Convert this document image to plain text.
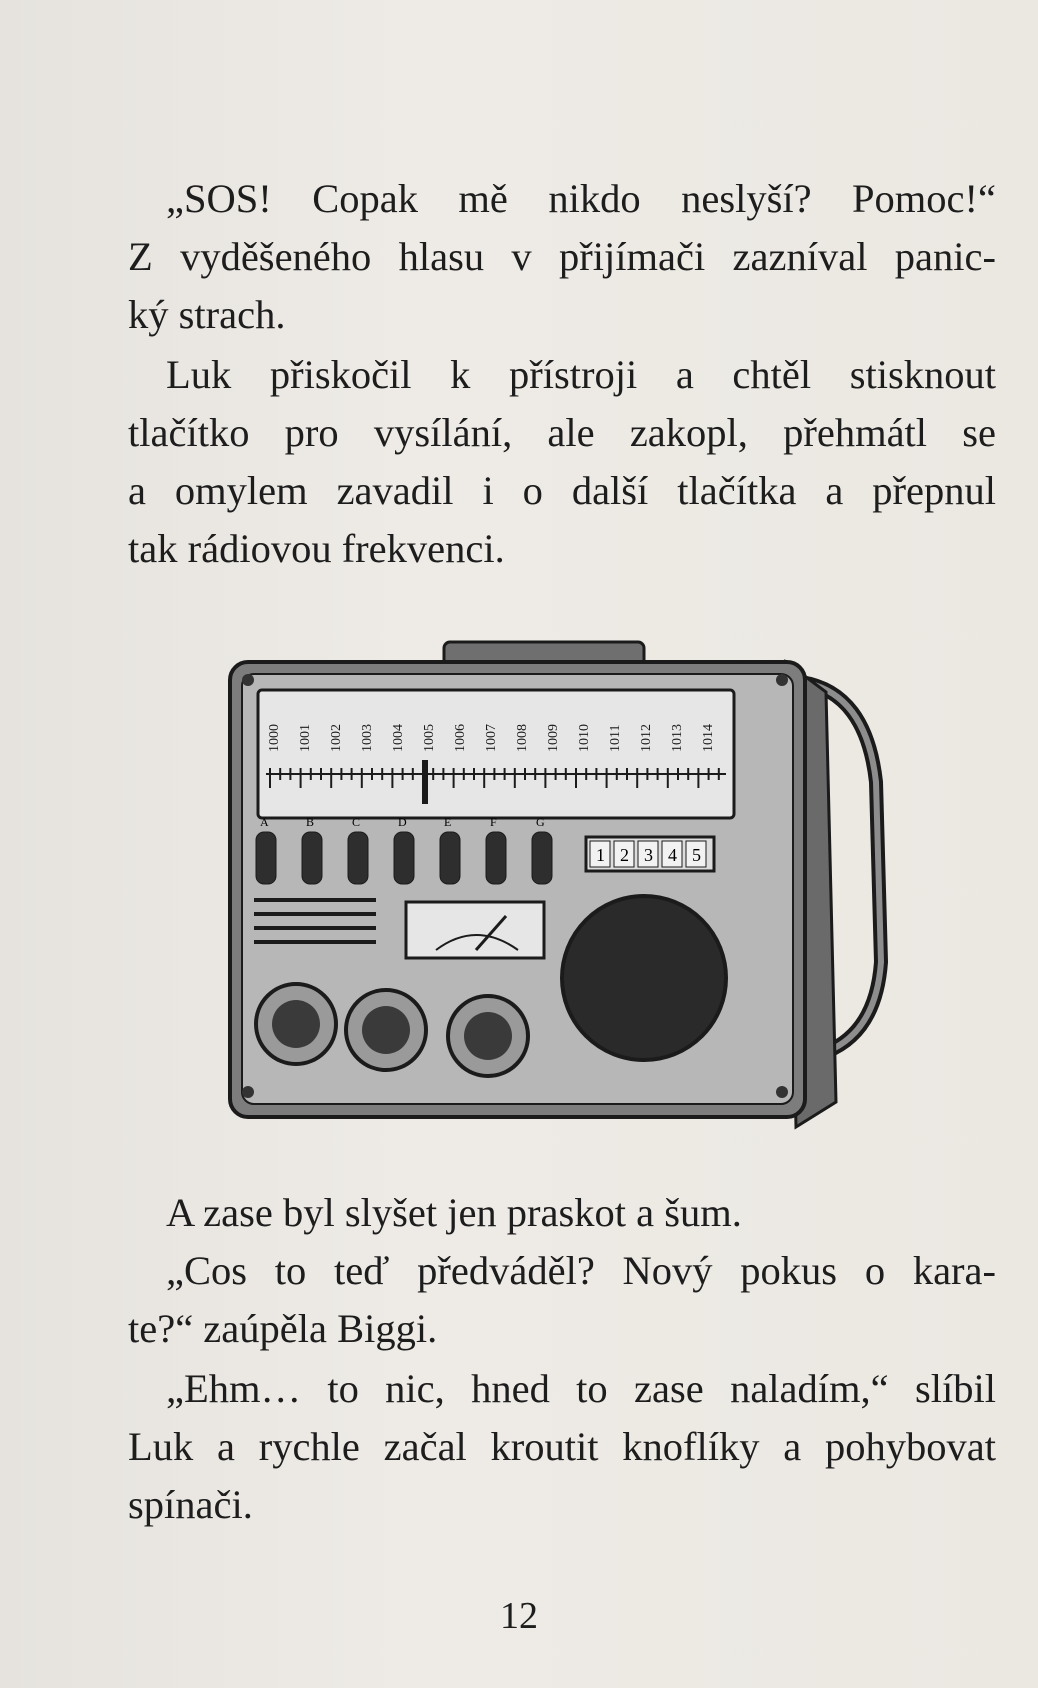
„SOS! Copak mě nikdo neslyší? Pomoc!“
Z vyděšeného hlasu v přijímači zazníval panic-
ký strach.
Luk přiskočil k přístroji a chtěl stisknout
tlačítko pro vysílání, ale zakopl, přehmátl se
a omylem zavadil i o další tlačítka a přepnul
tak rádiovou frekvenci.
1000 1001 1002 1003 1004 1005 1006 1007 1008 1009 1010 1011 1012 1013 1014
A	B	C	D	E	F	G
1 2 3 4 5
A zase byl slyšet jen praskot a šum.
„Cos to teď předváděl? Nový pokus o kara-
te?“ zaúpěla Biggi.
„Ehm… to nic, hned to zase naladím,“ slíbil
Luk a rychle začal kroutit knoflíky a pohybovat
spínači.
12
